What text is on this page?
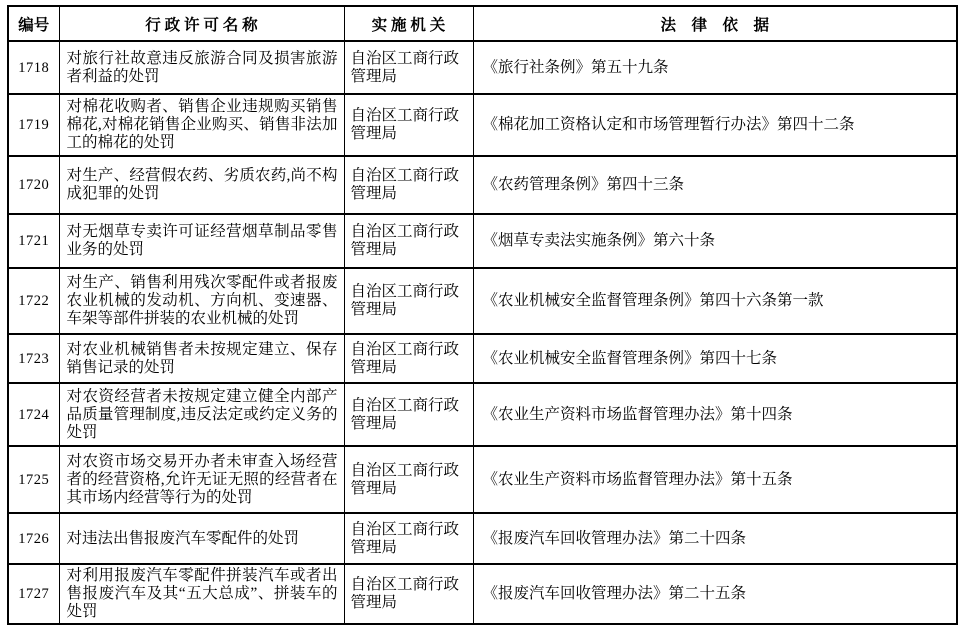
编号	行 政 许 可 名 称	实 施 机 关	法　律　依　据
1718	对旅行社故意违反旅游合同及损害旅游者利益的处罚	自治区工商行政管理局	《旅行社条例》第五十九条
1719	对棉花收购者、销售企业违规购买销售棉花,对棉花销售企业购买、销售非法加工的棉花的处罚	自治区工商行政管理局	《棉花加工资格认定和市场管理暂行办法》第四十二条
1720	对生产、经营假农药、劣质农药,尚不构成犯罪的处罚	自治区工商行政管理局	《农药管理条例》第四十三条
1721	对无烟草专卖许可证经营烟草制品零售业务的处罚	自治区工商行政管理局	《烟草专卖法实施条例》第六十条
1722	对生产、销售利用残次零配件或者报废农业机械的发动机、方向机、变速器、车架等部件拼装的农业机械的处罚	自治区工商行政管理局	《农业机械安全监督管理条例》第四十六条第一款
1723	对农业机械销售者未按规定建立、保存销售记录的处罚	自治区工商行政管理局	《农业机械安全监督管理条例》第四十七条
1724	对农资经营者未按规定建立健全内部产品质量管理制度,违反法定或约定义务的处罚	自治区工商行政管理局	《农业生产资料市场监督管理办法》第十四条
1725	对农资市场交易开办者未审查入场经营者的经营资格,允许无证无照的经营者在其市场内经营等行为的处罚	自治区工商行政管理局	《农业生产资料市场监督管理办法》第十五条
1726	对违法出售报废汽车零配件的处罚	自治区工商行政管理局	《报废汽车回收管理办法》第二十四条
1727	对利用报废汽车零配件拼装汽车或者出售报废汽车及其“五大总成”、拼装车的处罚	自治区工商行政管理局	《报废汽车回收管理办法》第二十五条
